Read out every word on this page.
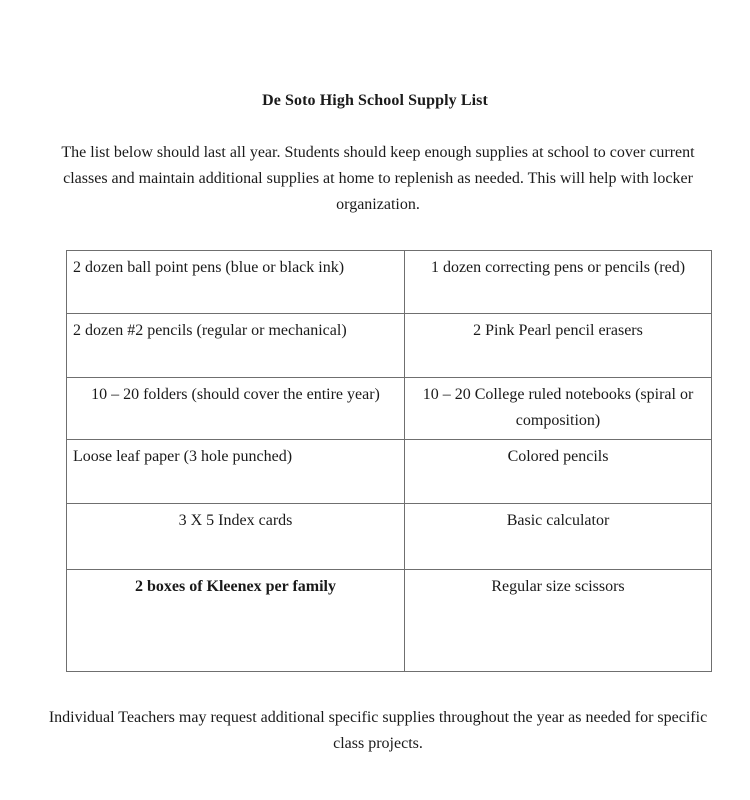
De Soto High School Supply List
The list below should last all year. Students should keep enough supplies at school to cover current classes and maintain additional supplies at home to replenish as needed. This will help with locker organization.
2 dozen ball point pens (blue or black ink)	1 dozen correcting pens or pencils (red)
2 dozen #2 pencils (regular or mechanical)	2 Pink Pearl pencil erasers
10 – 20 folders (should cover the entire year)	10 – 20 College ruled notebooks (spiral or composition)
Loose leaf paper (3 hole punched)	Colored pencils
3 X 5 Index cards	Basic calculator
2 boxes of Kleenex per family	Regular size scissors
Individual Teachers may request additional specific supplies throughout the year as needed for specific class projects.
